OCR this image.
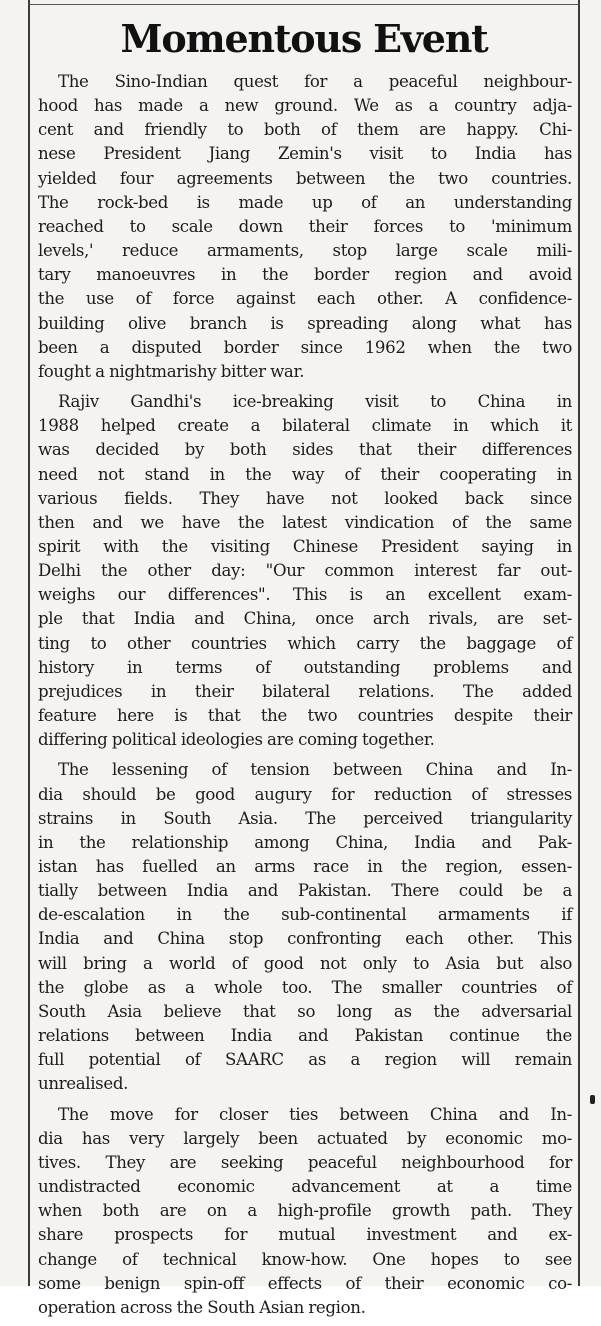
Momentous Event

The Sino-Indian quest for a peaceful neighbour-
hood has made a new ground. We as a country adja-
cent and friendly to both of them are happy. Chi-
nese President Jiang Zemin's visit to India has
yielded four agreements between the two countries.
The rock-bed is made up of an understanding
reached to scale down their forces to 'minimum
levels,' reduce armaments, stop large scale mili-
tary manoeuvres in the border region and avoid
the use of force against each other. A confidence-
building olive branch is spreading along what has
been a disputed border since 1962 when the two
fought a nightmarishy bitter war.

Rajiv Gandhi's ice-breaking visit to China in
1988 helped create a bilateral climate in which it
was decided by both sides that their differences
need not stand in the way of their cooperating in
various fields. They have not looked back since
then and we have the latest vindication of the same
spirit with the visiting Chinese President saying in
Delhi the other day: "Our common interest far out-
weighs our differences". This is an excellent exam-
ple that India and China, once arch rivals, are set-
ting to other countries which carry the baggage of
history in terms of outstanding problems and
prejudices in their bilateral relations. The added
feature here is that the two countries despite their
differing political ideologies are coming together.

The lessening of tension between China and In-
dia should be good augury for reduction of stresses
strains in South Asia. The perceived triangularity
in the relationship among China, India and Pak-
istan has fuelled an arms race in the region, essen-
tially between India and Pakistan. There could be a
de-escalation in the sub-continental armaments if
India and China stop confronting each other. This
will bring a world of good not only to Asia but also
the globe as a whole too. The smaller countries of
South Asia believe that so long as the adversarial
relations between India and Pakistan continue the
full potential of SAARC as a region will remain
unrealised.

The move for closer ties between China and In-
dia has very largely been actuated by economic mo-
tives. They are seeking peaceful neighbourhood for
undistracted economic advancement at a time
when both are on a high-profile growth path. They
share prospects for mutual investment and ex-
change of technical know-how. One hopes to see
some benign spin-off effects of their economic co-
operation across the South Asian region.
